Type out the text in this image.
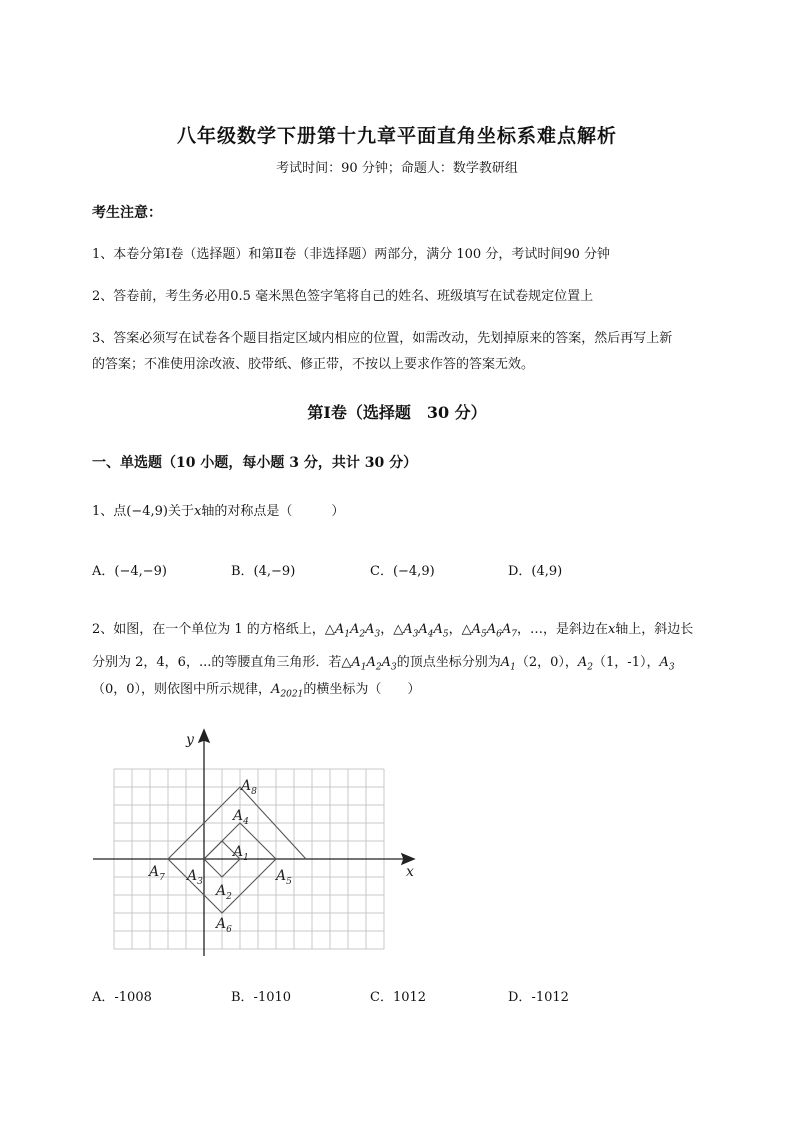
八年级数学下册第十九章平面直角坐标系难点解析
考试时间：90 分钟；命题人：数学教研组
考生注意：
1、本卷分第Ⅰ卷（选择题）和第Ⅱ卷（非选择题）两部分，满分 100 分，考试时间90 分钟
2、答卷前，考生务必用0.5 毫米黑色签字笔将自己的姓名、班级填写在试卷规定位置上
3、答案必须写在试卷各个题目指定区域内相应的位置，如需改动，先划掉原来的答案，然后再写上新
的答案；不准使用涂改液、胶带纸、修正带，不按以上要求作答的答案无效。
第Ⅰ卷（选择题　30 分）
一、单选题（10 小题，每小题 3 分，共计 30 分）
1、点(−4,9)关于x轴的对称点是（　　　）
A．(−4,−9)	B．(4,−9)	C．(−4,9)	D．(4,9)
2、如图，在一个单位为 1 的方格纸上，$\triangle A_1A_2A_3$，$\triangle A_3A_4A_5$，$\triangle A_5A_6A_7$，…，是斜边在x轴上，斜边长
分别为 2，4，6，...的等腰直角三角形．若$\triangle A_1A_2A_3$的顶点坐标分别为$A_1(2$，0），$A_2(1$，-1），$A_3$
（0，0），则依图中所示规律，$A_{2021}$的横坐标为（　　）
x
y
$A_1$
$A_2$
$A_3$
$A_4$
$A_5$
$A_6$
$A_7$
$A_8$
A．-1008	B．-1010	C．1012	D．-1012
